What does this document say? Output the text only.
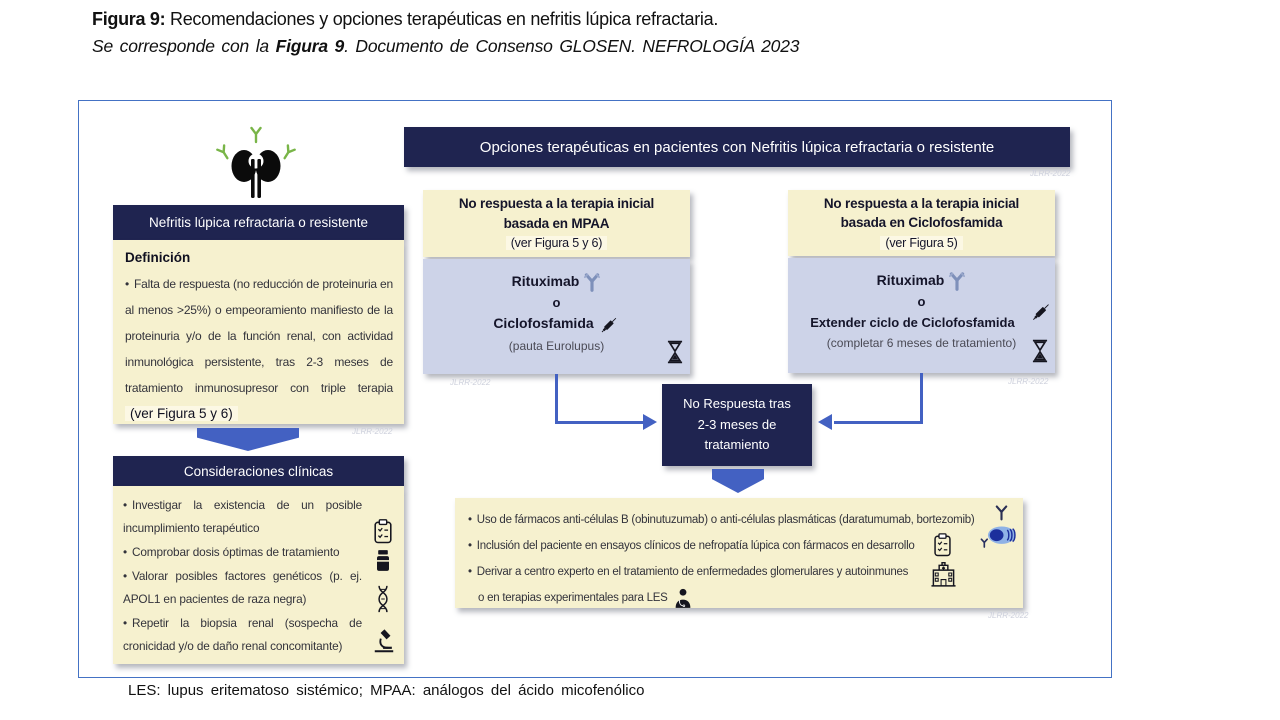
Figura 9: Recomendaciones y opciones terapéuticas en nefritis lúpica refractaria.
Se corresponde con la Figura 9. Documento de Consenso GLOSEN. NEFROLOGÍA 2023
Opciones terapéuticas en pacientes con Nefritis lúpica refractaria o resistente
Nefritis lúpica refractaria o resistente
Definición
• Falta de respuesta (no reducción de proteinuria en al menos >25%) o empeoramiento manifiesto de la proteinuria y/o de la función renal, con actividad inmunológica persistente, tras 2-3 meses de tratamiento inmunosupresor con triple terapia (ver Figura 5 y 6)
Consideraciones clínicas
• Investigar la existencia de un posible incumplimiento terapéutico
• Comprobar dosis óptimas de tratamiento
• Valorar posibles factores genéticos (p. ej. APOL1 en pacientes de raza negra)
• Repetir la biopsia renal (sospecha de cronicidad y/o de daño renal concomitante)
No respuesta a la terapia inicial basada en MPAA
(ver Figura 5 y 6)
Rituximab
o
Ciclofosfamida
(pauta Eurolupus)
No respuesta a la terapia inicial basada en Ciclofosfamida
(ver Figura 5)
Rituximab
o
Extender ciclo de Ciclofosfamida
(completar 6 meses de tratamiento)
No Respuesta tras 2-3 meses de tratamiento
• Uso de fármacos anti-células B (obinutuzumab) o anti-células plasmáticas (daratumumab, bortezomib)
• Inclusión del paciente en ensayos clínicos de nefropatía lúpica con fármacos en desarrollo
• Derivar a centro experto en el tratamiento de enfermedades glomerulares y autoinmunes
o en terapias experimentales para LES
JLRR-2022
JLRR-2022
JLRR-2022	JLRR-2022
JLRR-2022
LES: lupus eritematoso sistémico; MPAA: análogos del ácido micofenólico
